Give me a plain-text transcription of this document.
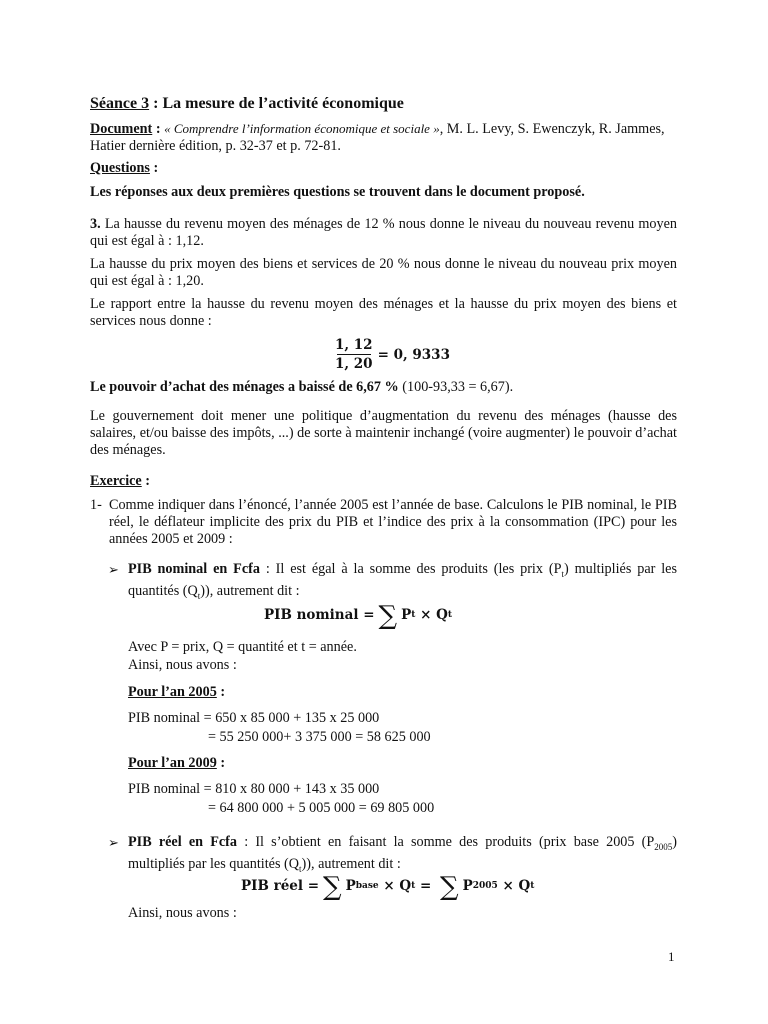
Séance 3 : La mesure de l’activité économique
Document : « Comprendre l’information économique et sociale », M. L. Levy, S. Ewenczyk, R. Jammes, Hatier dernière édition, p. 32-37 et p. 72-81.
Questions :
Les réponses aux deux premières questions se trouvent dans le document proposé.
3. La hausse du revenu moyen des ménages de 12 % nous donne le niveau du nouveau revenu moyen qui est égal à : 1,12.
La hausse du prix moyen des biens et services de 20 % nous donne le niveau du nouveau prix moyen qui est égal à : 1,20.
Le rapport entre la hausse du revenu moyen des ménages et la hausse du prix moyen des biens et services nous donne :
$\frac{1, 12}{1, 20} = 0$, 9333
Le pouvoir d’achat des ménages a baissé de 6,67 % (100-93,33 = 6,67).
Le gouvernement doit mener une politique d’augmentation du revenu des ménages (hausse des salaires, et/ou baisse des impôts, ...) de sorte à maintenir inchangé (voire augmenter) le pouvoir d’achat des ménages.
Exercice :
1- Comme indiquer dans l’énoncé, l’année 2005 est l’année de base. Calculons le PIB nominal, le PIB réel, le déflateur implicite des prix du PIB et l’indice des prix à la consommation (IPC) pour les années 2005 et 2009 :
➢ PIB nominal en Fcfa : Il est égal à la somme des produits (les prix $(P_t)$ multipliés par les quantités $(Q_t)$), autrement dit :
PIB nominal = ∑ P t × Q t
Avec P = prix, Q = quantité et t = année.
Ainsi, nous avons :
Pour l’an 2005 :
PIB nominal = 650 x 85 000 + 135 x 25 000
= 55 250 000+ 3 375 000 = 58 625 000
Pour l’an 2009 :
PIB nominal = 810 x 80 000 + 143 x 35 000
= 64 800 000 + 5 005 000 = 69 805 000
➢ PIB réel en Fcfa : Il s’obtient en faisant la somme des produits (prix base 2005 $(P_{2005})$ multipliés par les quantités $(Q_t)$), autrement dit :
PIB réel = ∑ P base × Q t = ∑ P 2005 × Q t
Ainsi, nous avons :
1
